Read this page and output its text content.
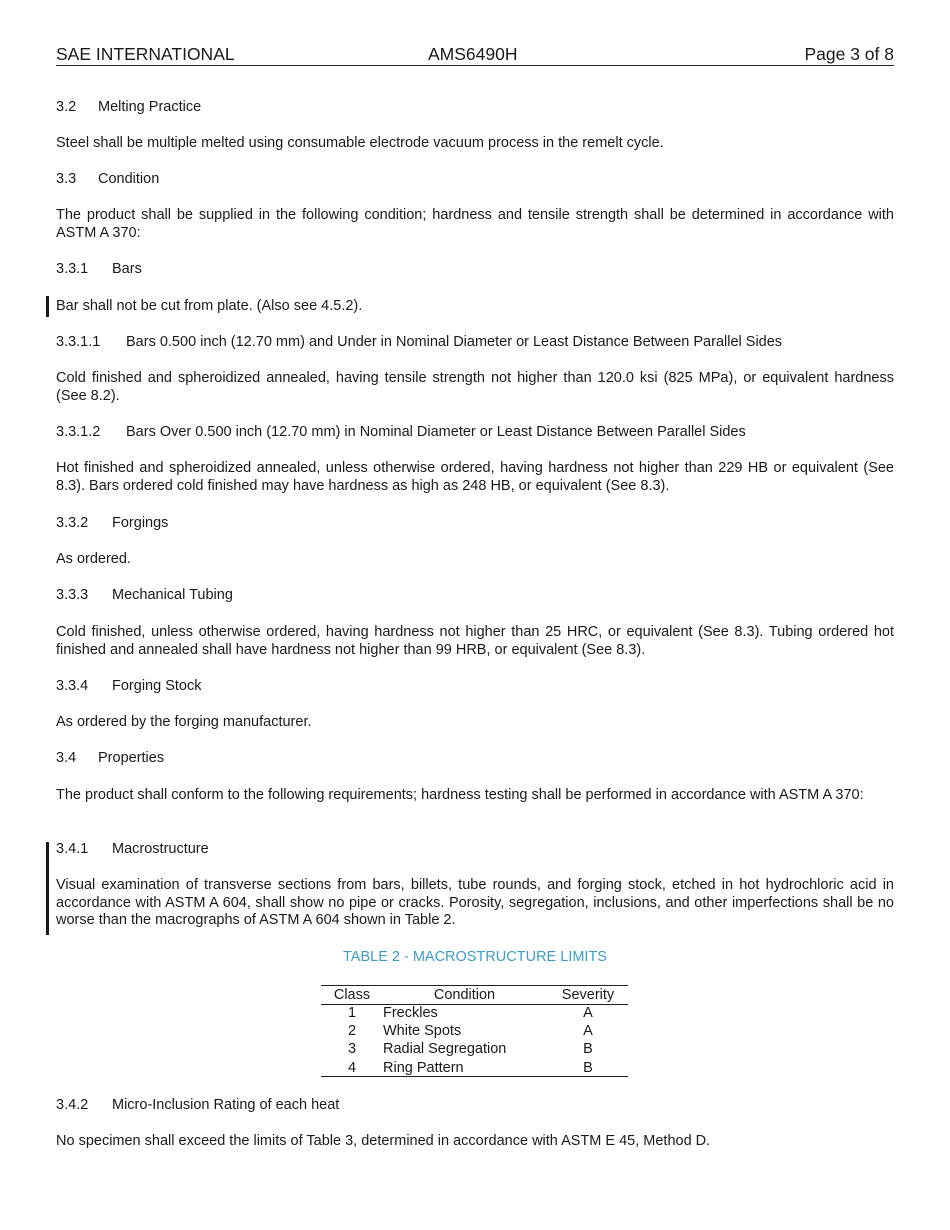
SAE INTERNATIONAL	AMS6490H	Page 3 of 8
3.2 Melting Practice

Steel shall be multiple melted using consumable electrode vacuum process in the remelt cycle.

3.3 Condition

The product shall be supplied in the following condition; hardness and tensile strength shall be determined in accordance with ASTM A 370:

3.3.1 Bars

Bar shall not be cut from plate. (Also see 4.5.2).

3.3.1.1 Bars 0.500 inch (12.70 mm) and Under in Nominal Diameter or Least Distance Between Parallel Sides

Cold finished and spheroidized annealed, having tensile strength not higher than 120.0 ksi (825 MPa), or equivalent hardness (See 8.2).

3.3.1.2 Bars Over 0.500 inch (12.70 mm) in Nominal Diameter or Least Distance Between Parallel Sides

Hot finished and spheroidized annealed, unless otherwise ordered, having hardness not higher than 229 HB or equivalent (See 8.3). Bars ordered cold finished may have hardness as high as 248 HB, or equivalent (See 8.3).

3.3.2 Forgings

As ordered.

3.3.3 Mechanical Tubing

Cold finished, unless otherwise ordered, having hardness not higher than 25 HRC, or equivalent (See 8.3). Tubing ordered hot finished and annealed shall have hardness not higher than 99 HRB, or equivalent (See 8.3).

3.3.4 Forging Stock

As ordered by the forging manufacturer.

3.4 Properties

The product shall conform to the following requirements; hardness testing shall be performed in accordance with ASTM A 370:

3.4.1 Macrostructure

Visual examination of transverse sections from bars, billets, tube rounds, and forging stock, etched in hot hydrochloric acid in accordance with ASTM A 604, shall show no pipe or cracks. Porosity, segregation, inclusions, and other imperfections shall be no worse than the macrographs of ASTM A 604 shown in Table 2.

TABLE 2 - MACROSTRUCTURE LIMITS
Class	Condition	Severity
1	Freckles	A
2	White Spots	A
3	Radial Segregation	B
4	Ring Pattern	B
3.4.2 Micro-Inclusion Rating of each heat

No specimen shall exceed the limits of Table 3, determined in accordance with ASTM E 45, Method D.
